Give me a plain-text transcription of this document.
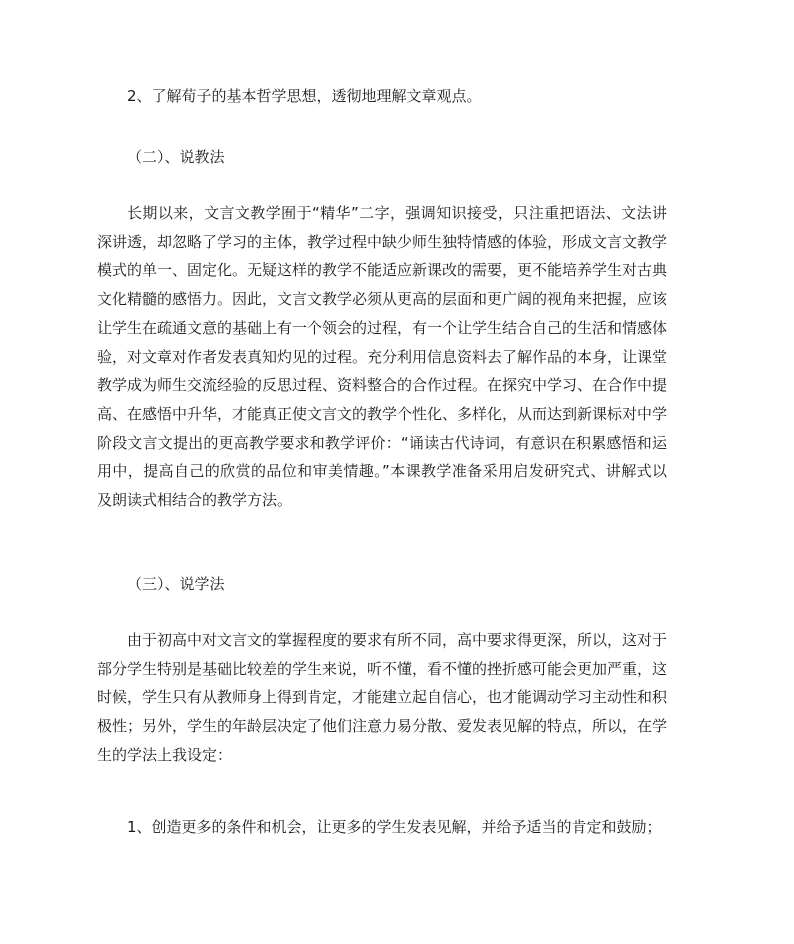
2、了解荀子的基本哲学思想，透彻地理解文章观点。
（二）、说教法
长期以来，文言文教学囿于“精华”二字，强调知识接受，只注重把语法、文法讲深讲透，却忽略了学习的主体，教学过程中缺少师生独特情感的体验，形成文言文教学模式的单一、固定化。无疑这样的教学不能适应新课改的需要，更不能培养学生对古典文化精髓的感悟力。因此，文言文教学必须从更高的层面和更广阔的视角来把握，应该让学生在疏通文意的基础上有一个领会的过程，有一个让学生结合自己的生活和情感体验，对文章对作者发表真知灼见的过程。充分利用信息资料去了解作品的本身，让课堂教学成为师生交流经验的反思过程、资料整合的合作过程。在探究中学习、在合作中提高、在感悟中升华，才能真正使文言文的教学个性化、多样化，从而达到新课标对中学阶段文言文提出的更高教学要求和教学评价：“诵读古代诗词，有意识在积累感悟和运用中，提高自己的欣赏的品位和审美情趣。”本课教学准备采用启发研究式、讲解式以及朗读式相结合的教学方法。
（三）、说学法
由于初高中对文言文的掌握程度的要求有所不同，高中要求得更深，所以，这对于部分学生特别是基础比较差的学生来说，听不懂，看不懂的挫折感可能会更加严重，这时候，学生只有从教师身上得到肯定，才能建立起自信心，也才能调动学习主动性和积极性；另外，学生的年龄层决定了他们注意力易分散、爱发表见解的特点，所以，在学生的学法上我设定：
1、创造更多的条件和机会，让更多的学生发表见解，并给予适当的肯定和鼓励；
